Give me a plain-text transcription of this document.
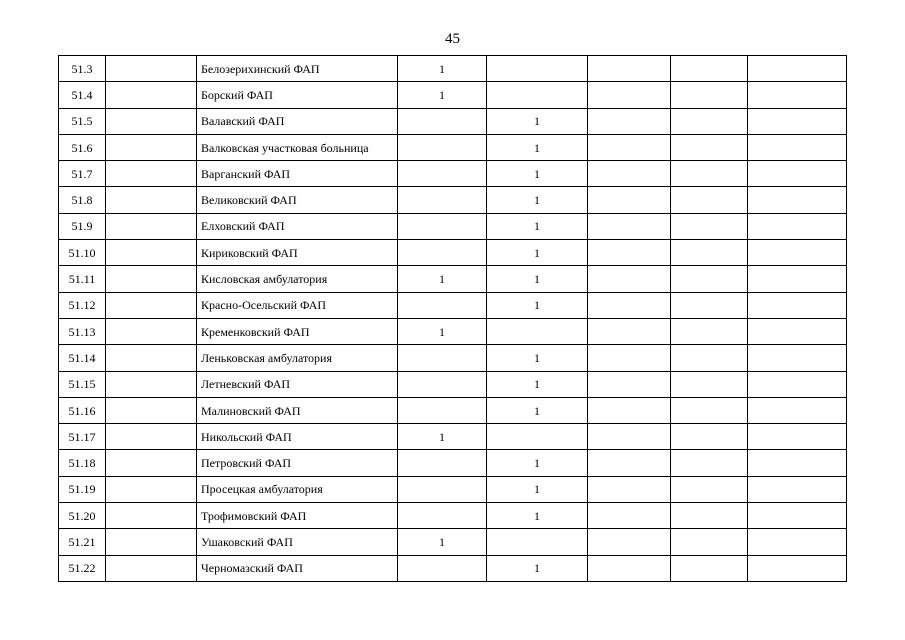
45
51.3		Белозерихинский ФАП	1				
51.4		Борский ФАП	1				
51.5		Валавский ФАП		1			
51.6		Валковская участковая больница		1			
51.7		Варганский ФАП		1			
51.8		Великовский ФАП		1			
51.9		Елховский ФАП		1			
51.10		Кириковский ФАП		1			
51.11		Кисловская амбулатория	1	1			
51.12		Красно-Осельский ФАП		1			
51.13		Кременковский ФАП	1				
51.14		Леньковская амбулатория		1			
51.15		Летневский ФАП		1			
51.16		Малиновский ФАП		1			
51.17		Никольский ФАП	1				
51.18		Петровский ФАП		1			
51.19		Просецкая амбулатория		1			
51.20		Трофимовский ФАП		1			
51.21		Ушаковский ФАП	1				
51.22		Черномазский ФАП		1			
